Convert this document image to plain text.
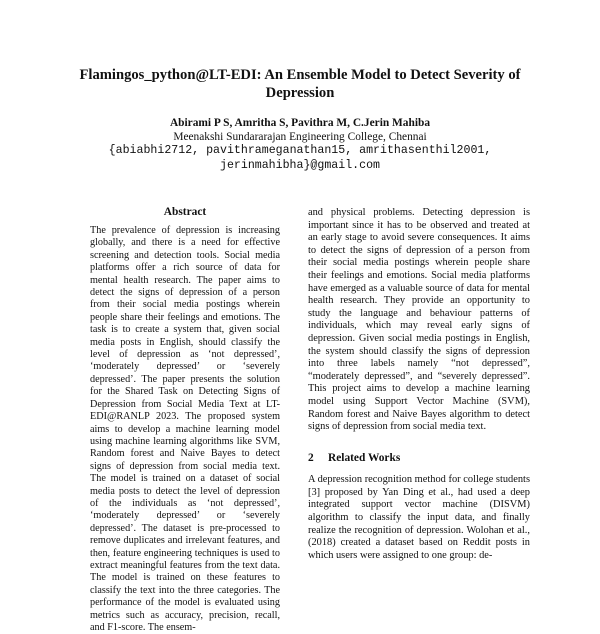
Flamingos_python@LT-EDI: An Ensemble Model to Detect Severity of Depression
Abirami P S, Amritha S, Pavithra M, C.Jerin Mahiba
Meenakshi Sundararajan Engineering College, Chennai
{abiabhi2712, pavithrameganathan15, amrithasenthil2001,
jerinmahibha}@gmail.com
Abstract

The prevalence of depression is increasing globally, and there is a need for effective screening and detection tools. Social media platforms offer a rich source of data for mental health research. The paper aims to detect the signs of depression of a person from their social media postings wherein people share their feelings and emotions. The task is to create a system that, given social media posts in English, should classify the level of depression as ‘not depressed’, ‘moderately depressed’ or ‘severely depressed’. The paper presents the solution for the Shared Task on Detecting Signs of Depression from Social Media Text at LT-EDI@RANLP 2023. The proposed system aims to develop a machine learning model using machine learning algorithms like SVM, Random forest and Naive Bayes to detect signs of depression from social media text. The model is trained on a dataset of social media posts to detect the level of depression of the individuals as ‘not depressed’, ‘moderately depressed’ or ‘severely depressed’. The dataset is pre-processed to remove duplicates and irrelevant features, and then, feature engineering techniques is used to extract meaningful features from the text data. The model is trained on these features to classify the text into the three categories. The performance of the model is evaluated using metrics such as accuracy, precision, recall, and F1-score. The ensem-

and physical problems. Detecting depression is important since it has to be observed and treated at an early stage to avoid severe consequences. It aims to detect the signs of depression of a person from their social media postings wherein people share their feelings and emotions. Social media platforms have emerged as a valuable source of data for mental health research. They provide an opportunity to study the language and behaviour patterns of individuals, which may reveal early signs of depression. Given social media postings in English, the system should classify the signs of depression into three labels namely “not depressed”, “moderately depressed”, and “severely depressed”. This project aims to develop a machine learning model using Support Vector Machine (SVM), Random forest and Naive Bayes algorithm to detect signs of depression from social media text.

2 Related Works

A depression recognition method for college students [3] proposed by Yan Ding et al., had used a deep integrated support vector machine (DISVM) algorithm to classify the input data, and finally realize the recognition of depression. Wolohan et al., (2018) created a dataset based on Reddit posts in which users were assigned to one group: de-
